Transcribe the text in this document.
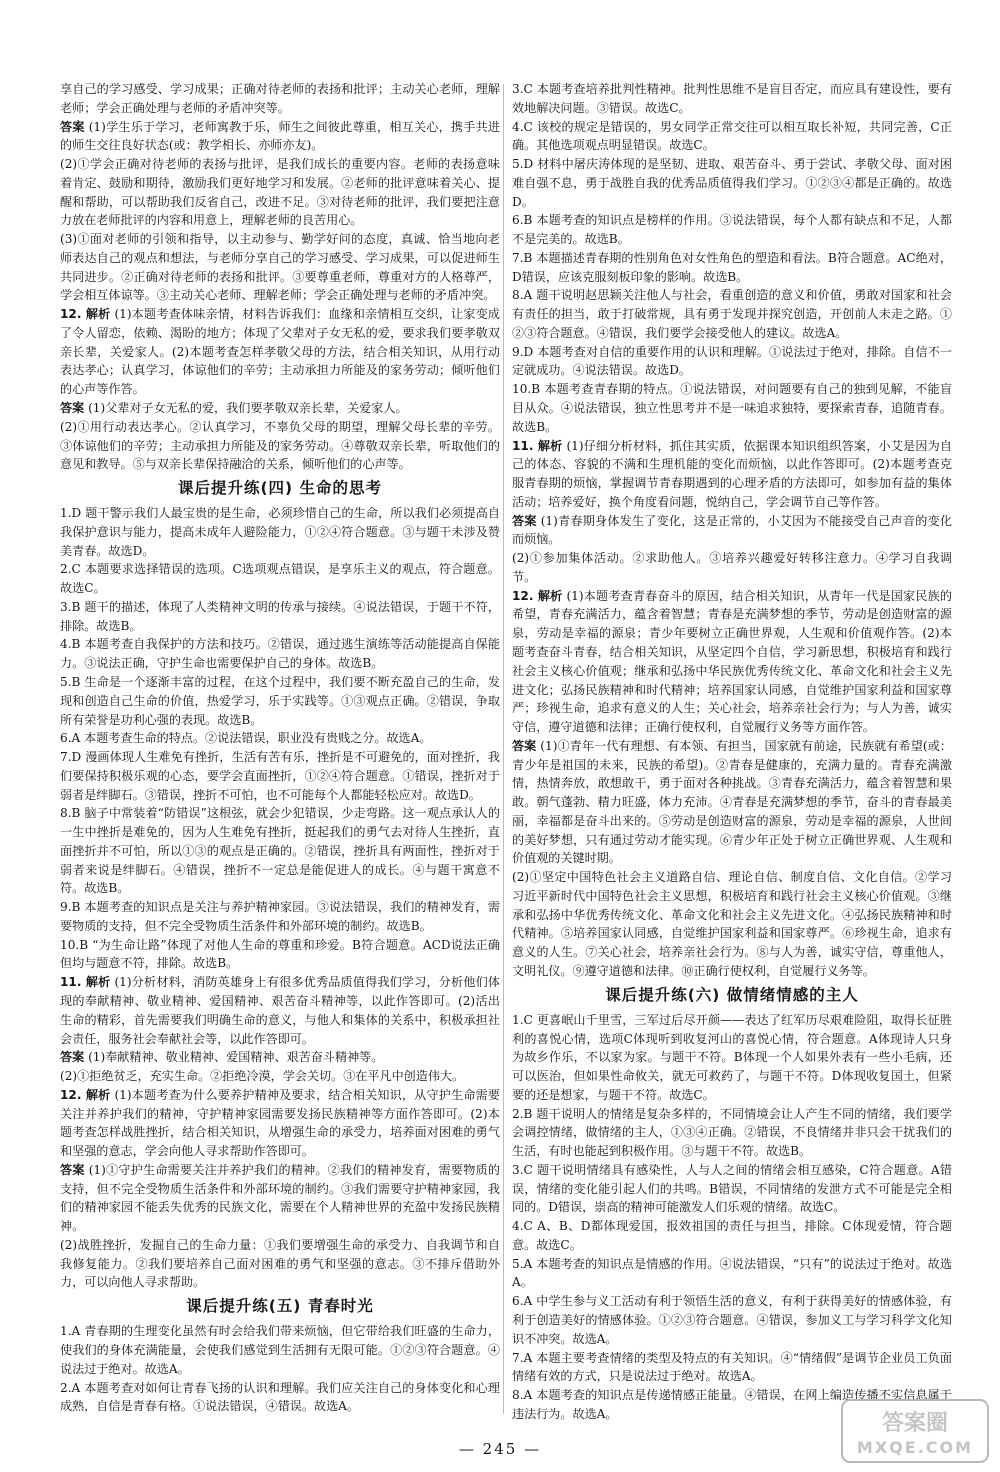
享自己的学习感受、学习成果；正确对待老师的表扬和批评；主动关心老师，理解老师；学会正确处理与老师的矛盾冲突等。
答案 (1)学生乐于学习，老师寓教于乐，师生之间彼此尊重，相互关心，携手共进的师生交往良好状态(或：教学相长、亦师亦友)。
(2)①学会正确对待老师的表扬与批评，是我们成长的重要内容。老师的表扬意味着肯定、鼓励和期待，激励我们更好地学习和发展。②老师的批评意味着关心、提醒和帮助，可以帮助我们反省自己，改进不足。③对待老师的批评，我们要把注意力放在老师批评的内容和用意上，理解老师的良苦用心。
(3)①面对老师的引领和指导，以主动参与、勤学好问的态度，真诚、恰当地向老师表达自己的观点和想法，与老师分享自己的学习感受、学习成果，可以促进师生共同进步。②正确对待老师的表扬和批评。③要尊重老师，尊重对方的人格尊严，学会相互体谅等。③主动关心老师、理解老师；学会正确处理与老师的矛盾冲突。
12. 解析 (1)本题考查体味亲情，材料告诉我们：血缘和亲情相互交织，让家变成了令人留恋，依赖、渴盼的地方；体现了父辈对子女无私的爱，要求我们要孝敬双亲长辈，关爱家人。(2)本题考查怎样孝敬父母的方法，结合相关知识，从用行动表达孝心；认真学习，体谅他们的辛劳；主动承担力所能及的家务劳动；倾听他们的心声等作答。
答案 (1)父辈对子女无私的爱，我们要孝敬双亲长辈，关爱家人。
(2)①用行动表达孝心。②认真学习，不辜负父母的期望，理解父母长辈的辛劳。③体谅他们的辛劳；主动承担力所能及的家务劳动。④尊敬双亲长辈，听取他们的意见和教导。⑤与双亲长辈保持融洽的关系，倾听他们的心声等。
课后提升练(四) 生命的思考
1.D 题干警示我们人最宝贵的是生命，必须珍惜自己的生命，所以我们必须提高自我保护意识与能力，提高未成年人避险能力，①②④符合题意。③与题干未涉及赞美青春。故选D。
2.C 本题要求选择错误的选项。C选项观点错误，是享乐主义的观点，符合题意。故选C。
3.B 题干的描述，体现了人类精神文明的传承与接续。④说法错误，于题干不符，排除。故选B。
4.B 本题考查自我保护的方法和技巧。②错误，通过逃生演练等活动能提高自保能力。③说法正确，守护生命也需要保护自己的身体。故选B。
5.B 生命是一个逐渐丰富的过程，在这个过程中，我们要不断充盈自己的生命，发现和创造自己生命的价值，热爱学习，乐于实践等。①③观点正确。②错误，争取所有荣誉是功利心强的表现。故选B。
6.A 本题考查生命的特点。②说法错误，职业没有贵贱之分。故选A。
7.D 漫画体现人生难免有挫折，生活有苦有乐，挫折是不可避免的，面对挫折，我们要保持积极乐观的心态，要学会直面挫折，①②④符合题意。①错误，挫折对于弱者是绊脚石。③错误，挫折不可怕，也不可能每个人都能轻松应对。故选D。
8.B 脑子中常装着“防错误”这根弦，就会少犯错误，少走弯路。这一观点承认人的一生中挫折是难免的，因为人生难免有挫折，挺起我们的勇气去对待人生挫折，直面挫折并不可怕，所以①③的观点是正确的。②错误，挫折具有两面性，挫折对于弱者来说是绊脚石。④错误，挫折不一定总是能促进人的成长。④与题干寓意不符。故选B。
9.B 本题考查的知识点是关注与养护精神家园。③说法错误，我们的精神发育，需要物质的支持，但不完全受物质生活条件和外部环境的制约。故选B。
10.B “为生命让路”体现了对他人生命的尊重和珍爱。B符合题意。ACD说法正确但均与题意不符，排除。故选B。
11. 解析 (1)分析材料，消防英雄身上有很多优秀品质值得我们学习，分析他们体现的奉献精神、敬业精神、爱国精神、艰苦奋斗精神等，以此作答即可。(2)活出生命的精彩，首先需要我们明确生命的意义，与他人和集体的关系中，积极承担社会责任，服务社会奉献社会等，以此作答即可。
答案 (1)奉献精神、敬业精神、爱国精神、艰苦奋斗精神等。
(2)①拒绝贫乏，充实生命。②拒绝冷漠，学会关切。③在平凡中创造伟大。
12. 解析 (1)本题考查为什么要养护精神及要求，结合相关知识，从守护生命需要关注并养护我们的精神，守护精神家园需要发扬民族精神等方面作答即可。(2)本题考查怎样战胜挫折，结合相关知识，从增强生命的承受力，培养面对困难的勇气和坚强的意志，学会向他人寻求帮助作答即可。
答案 (1)①守护生命需要关注并养护我们的精神。②我们的精神发育，需要物质的支持，但不完全受物质生活条件和外部环境的制约。③我们需要守护精神家园，我们的精神家园不能丢失优秀的民族文化，需要在个人精神世界的充盈中发扬民族精神。
(2)战胜挫折，发掘自己的生命力量：①我们要增强生命的承受力、自我调节和自我修复能力。②我们要培养自己面对困难的勇气和坚强的意志。③不排斥借助外力，可以向他人寻求帮助。
课后提升练(五) 青春时光
1.A 青春期的生理变化虽然有时会给我们带来烦恼，但它带给我们旺盛的生命力，使我们的身体充满能量，会使我们感觉到生活拥有无限可能。①②③符合题意。④说法过于绝对。故选A。
2.A 本题考查对如何让青春飞扬的认识和理解。我们应关注自己的身体变化和心理成熟，自信是青春有格。①说法错误，④错误。故选A。
3.C 本题考查培养批判性精神。批判性思维不是盲目否定，而应具有建设性，要有效地解决问题。③错误。故选C。
4.C 该校的规定是错误的，男女同学正常交往可以相互取长补短，共同完善，C正确。其他选项观点明显错误。故选C。
5.D 材料中屠庆涛体现的是坚韧、进取、艰苦奋斗、勇于尝试、孝敬父母、面对困难自强不息，勇于战胜自我的优秀品质值得我们学习。①②③④都是正确的。故选D。
6.B 本题考查的知识点是榜样的作用。③说法错误，每个人都有缺点和不足，人都不是完美的。故选B。
7.B 本题描述青春期的性别角色对女性角色的塑造和看法。B符合题意。AC绝对，D错误，应该克服刻板印象的影响。故选B。
8.A 题干说明赵思颖关注他人与社会，看重创造的意义和价值，勇敢对国家和社会有责任的担当，敢于打破常规，具有勇于发现并探究创造，开创前人未走之路。①②③符合题意。④错误，我们要学会接受他人的建议。故选A。
9.D 本题考查对自信的重要作用的认识和理解。①说法过于绝对，排除。自信不一定就成功。④说法错误。故选D。
10.B 本题考查青春期的特点。①说法错误，对问题要有自己的独到见解，不能盲目从众。④说法错误，独立性思考并不是一味追求独特，要探索青春，追随青春。故选B。
11. 解析 (1)仔细分析材料，抓住其实质，依据课本知识组织答案，小艾是因为自己的体态、容貌的不满和生理机能的变化而烦恼，以此作答即可。(2)本题考查克服青春期的烦恼，掌握调节青春期遇到的心理矛盾的方法即可，如参加有益的集体活动；培养爱好，换个角度看问题，悦纳自己，学会调节自己等作答。
答案 (1)青春期身体发生了变化，这是正常的，小艾因为不能接受自己声音的变化而烦恼。
(2)①参加集体活动。②求助他人。③培养兴趣爱好转移注意力。④学习自我调节。
12. 解析 (1)本题考查青春奋斗的原因，结合相关知识，从青年一代是国家民族的希望，青春充满活力，蕴含着智慧；青春是充满梦想的季节，劳动是创造财富的源泉，劳动是幸福的源泉；青少年要树立正确世界观，人生观和价值观作答。(2)本题考查奋斗青春，结合相关知识，从坚定四个自信，学习新思想，积极培育和践行社会主义核心价值观；继承和弘扬中华民族优秀传统文化、革命文化和社会主义先进文化；弘扬民族精神和时代精神；培养国家认同感，自觉维护国家利益和国家尊严；珍视生命，追求有意义的人生；关心社会，培养亲社会行为；与人为善，诚实守信，遵守道德和法律；正确行使权利，自觉履行义务等方面作答。
答案 (1)①青年一代有理想、有本领、有担当，国家就有前途，民族就有希望(或：青少年是祖国的未来，民族的希望)。②青春是健康的，充满力量的。青春充满激情，热情奔放，敢想敢干，勇于面对各种挑战。③青春充满活力，蕴含着智慧和果敢。朝气蓬勃、精力旺盛，体力充沛。④青春是充满梦想的季节，奋斗的青春最美丽，幸福都是奋斗出来的。⑤劳动是创造财富的源泉，劳动是幸福的源泉，人世间的美好梦想，只有通过劳动才能实现。⑥青少年正处于树立正确世界观、人生观和价值观的关键时期。
(2)①坚定中国特色社会主义道路自信、理论自信、制度自信、文化自信。②学习习近平新时代中国特色社会主义思想，积极培育和践行社会主义核心价值观。③继承和弘扬中华优秀传统文化、革命文化和社会主义先进文化。④弘扬民族精神和时代精神。⑤培养国家认同感，自觉维护国家利益和国家尊严。⑥珍视生命，追求有意义的人生。⑦关心社会，培养亲社会行为。⑧与人为善，诚实守信，尊重他人，文明礼仪。⑨遵守道德和法律。⑩正确行使权利，自觉履行义务等。
课后提升练(六) 做情绪情感的主人
1.C 更喜岷山千里雪，三军过后尽开颜——表达了红军历尽艰难险阻，取得长征胜利的喜悦心情，选项C体现听到收复河山的喜悦心情，符合题意。A体现诗人只身为故乡作乐，不以家为家。与题干不符。B体现一个人如果外表有一些小毛病，还可以医治，但如果性命攸关，就无可救药了，与题干不符。D体现收复国土，但紧要的还是想家，与题干不符。故选C。
2.B 题干说明人的情绪是复杂多样的，不同情境会让人产生不同的情绪，我们要学会调控情绪，做情绪的主人，①③④正确。②错误，不良情绪并非只会干扰我们的生活，有时也能起到积极作用。③与题干不符。故选B。
3.C 题干说明情绪具有感染性，人与人之间的情绪会相互感染，C符合题意。A错误，情绪的变化能引起人们的共鸣。B错误，不同情绪的发泄方式不可能是完全相同的。D错误，崇高的精神可能激发人们乐观的情绪。故选C。
4.C A、B、D都体现爱国，报效祖国的责任与担当，排除。C体现爱情，符合题意。故选C。
5.A 本题考查的知识点是情感的作用。④说法错误，“只有”的说法过于绝对。故选A。
6.A 中学生参与义工活动有利于领悟生活的意义，有利于获得美好的情感体验，有利于创造美好的情感体验。①②③符合题意。④错误，参加义工与学习科学文化知识不冲突。故选A。
7.A 本题主要考查情绪的类型及特点的有关知识。④“情绪假”是调节企业员工负面情绪有效的方式，只是说法过于绝对。故选A。
8.A 本题考查的知识点是传递情感正能量。④错误，在网上编造传播不实信息属于违法行为。故选A。
— 245 —
答案圈
MXQE.COM
